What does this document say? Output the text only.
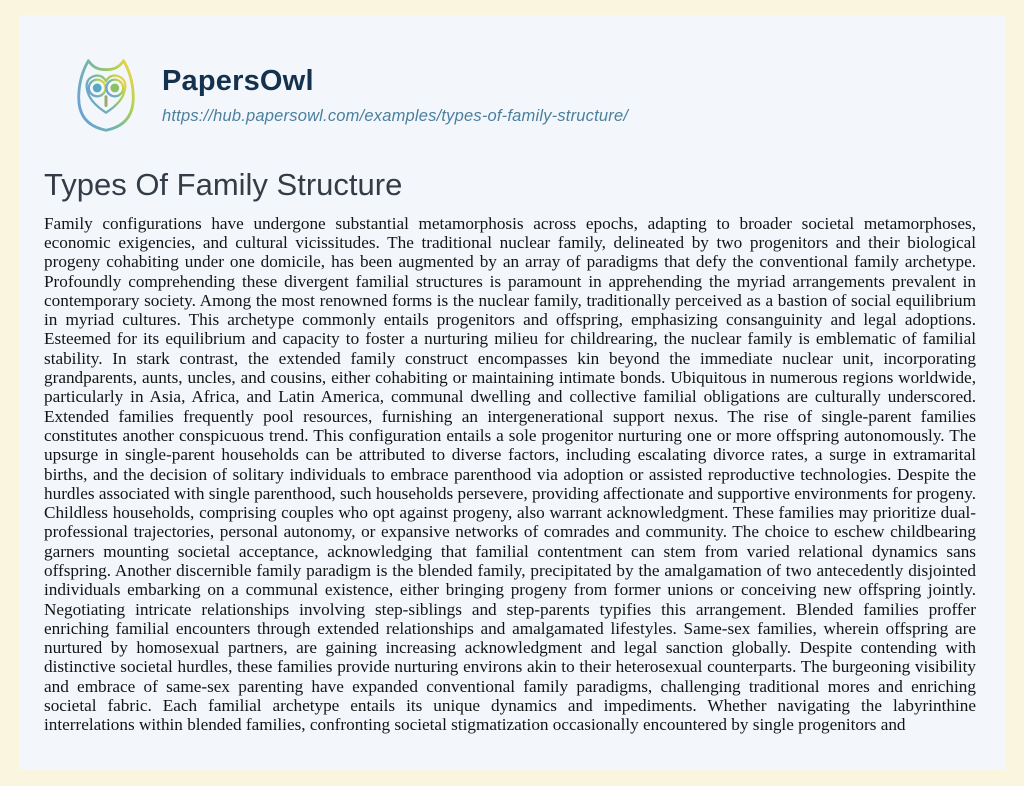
PapersOwl
https://hub.papersowl.com/examples/types-of-family-structure/
Types Of Family Structure

Family configurations have undergone substantial metamorphosis across epochs, adapting to broader societal metamorphoses, economic exigencies, and cultural vicissitudes. The traditional nuclear family, delineated by two progenitors and their biological progeny cohabiting under one domicile, has been augmented by an array of paradigms that defy the conventional family archetype. Profoundly comprehending these divergent familial structures is paramount in apprehending the myriad arrangements prevalent in contemporary society. Among the most renowned forms is the nuclear family, traditionally perceived as a bastion of social equilibrium in myriad cultures. This archetype commonly entails progenitors and offspring, emphasizing consanguinity and legal adoptions. Esteemed for its equilibrium and capacity to foster a nurturing milieu for childrearing, the nuclear family is emblematic of familial stability. In stark contrast, the extended family construct encompasses kin beyond the immediate nuclear unit, incorporating grandparents, aunts, uncles, and cousins, either cohabiting or maintaining intimate bonds. Ubiquitous in numerous regions worldwide, particularly in Asia, Africa, and Latin America, communal dwelling and collective familial obligations are culturally underscored. Extended families frequently pool resources, furnishing an intergenerational support nexus. The rise of single-parent families constitutes another conspicuous trend. This configuration entails a sole progenitor nurturing one or more offspring autonomously. The upsurge in single-parent households can be attributed to diverse factors, including escalating divorce rates, a surge in extramarital births, and the decision of solitary individuals to embrace parenthood via adoption or assisted reproductive technologies. Despite the hurdles associated with single parenthood, such households persevere, providing affectionate and supportive environments for progeny. Childless households, comprising couples who opt against progeny, also warrant acknowledgment. These families may prioritize dual-professional trajectories, personal autonomy, or expansive networks of comrades and community. The choice to eschew childbearing garners mounting societal acceptance, acknowledging that familial contentment can stem from varied relational dynamics sans offspring. Another discernible family paradigm is the blended family, precipitated by the amalgamation of two antecedently disjointed individuals embarking on a communal existence, either bringing progeny from former unions or conceiving new offspring jointly. Negotiating intricate relationships involving step-siblings and step-parents typifies this arrangement. Blended families proffer enriching familial encounters through extended relationships and amalgamated lifestyles. Same-sex families, wherein offspring are nurtured by homosexual partners, are gaining increasing acknowledgment and legal sanction globally. Despite contending with distinctive societal hurdles, these families provide nurturing environs akin to their heterosexual counterparts. The burgeoning visibility and embrace of same-sex parenting have expanded conventional family paradigms, challenging traditional mores and enriching societal fabric. Each familial archetype entails its unique dynamics and impediments. Whether navigating the labyrinthine interrelations within blended families, confronting societal stigmatization occasionally encountered by single progenitors and
